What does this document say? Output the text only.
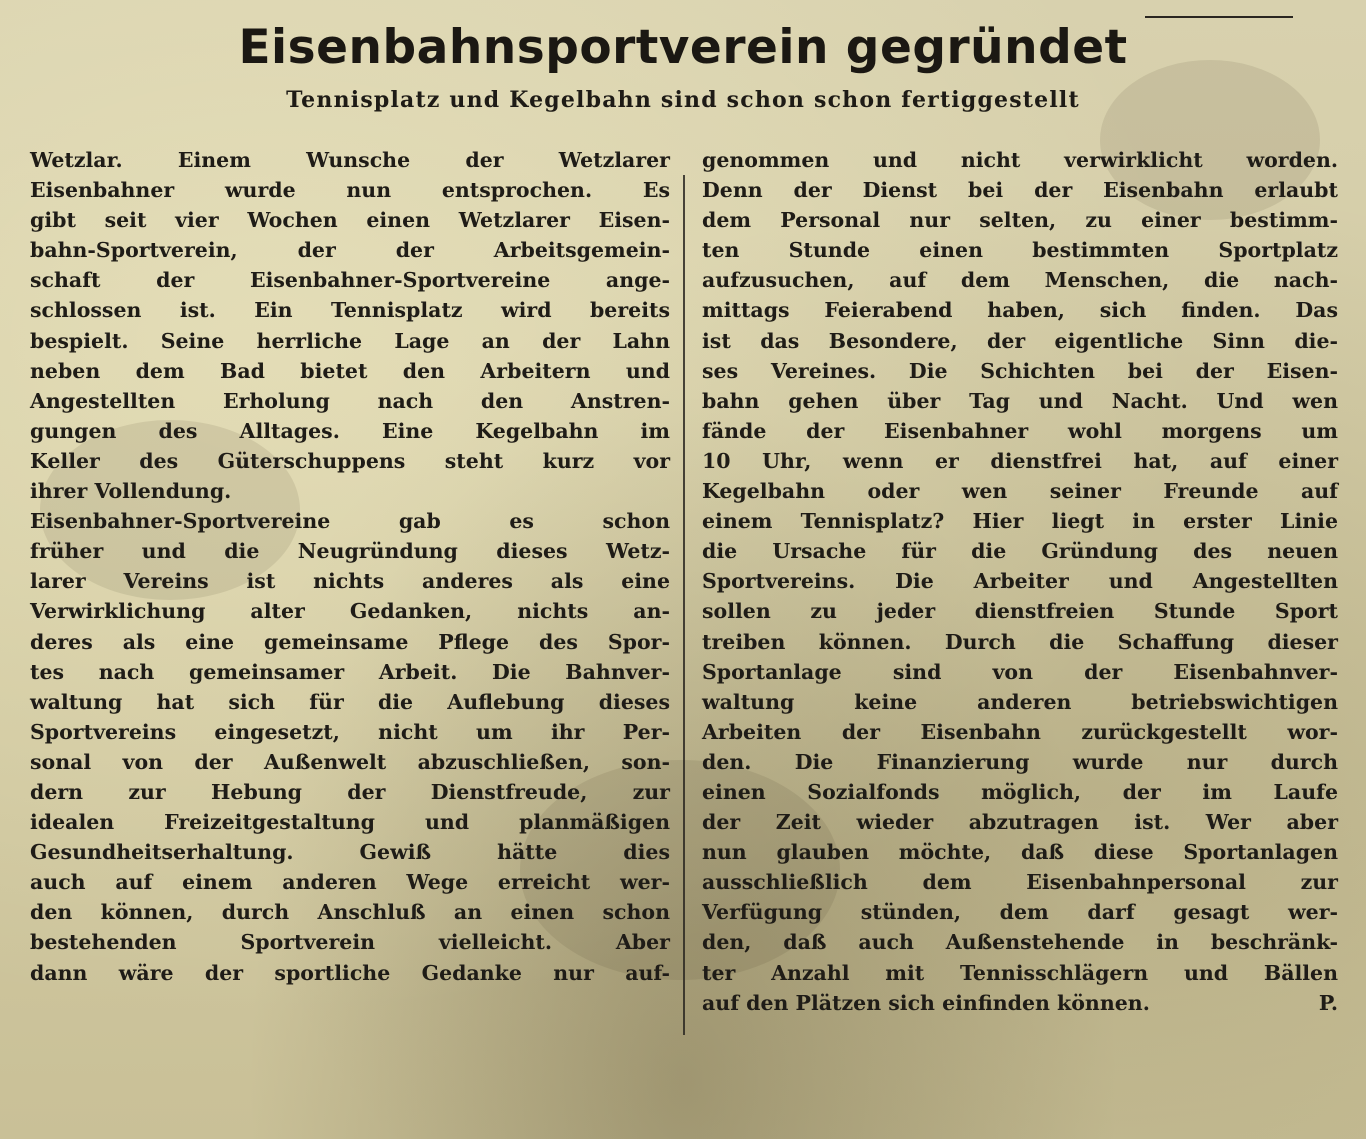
Eisenbahnsportverein gegründet
Tennisplatz und Kegelbahn sind schon schon fertiggestellt
Wetzlar. Einem Wunsche der Wetzlarer
Eisenbahner wurde nun entsprochen. Es
gibt seit vier Wochen einen Wetzlarer Eisen-
bahn-Sportverein, der der Arbeitsgemein-
schaft der Eisenbahner-Sportvereine ange-
schlossen ist. Ein Tennisplatz wird bereits
bespielt. Seine herrliche Lage an der Lahn
neben dem Bad bietet den Arbeitern und
Angestellten Erholung nach den Anstren-
gungen des Alltages. Eine Kegelbahn im
Keller des Güterschuppens steht kurz vor
ihrer Vollendung.
Eisenbahner-Sportvereine gab es schon
früher und die Neugründung dieses Wetz-
larer Vereins ist nichts anderes als eine
Verwirklichung alter Gedanken, nichts an-
deres als eine gemeinsame Pflege des Spor-
tes nach gemeinsamer Arbeit. Die Bahnver-
waltung hat sich für die Auflebung dieses
Sportvereins eingesetzt, nicht um ihr Per-
sonal von der Außenwelt abzuschließen, son-
dern zur Hebung der Dienstfreude, zur
idealen Freizeitgestaltung und planmäßigen
Gesundheitserhaltung. Gewiß hätte dies
auch auf einem anderen Wege erreicht wer-
den können, durch Anschluß an einen schon
bestehenden Sportverein vielleicht. Aber
dann wäre der sportliche Gedanke nur auf-
genommen und nicht verwirklicht worden.
Denn der Dienst bei der Eisenbahn erlaubt
dem Personal nur selten, zu einer bestimm-
ten Stunde einen bestimmten Sportplatz
aufzusuchen, auf dem Menschen, die nach-
mittags Feierabend haben, sich finden. Das
ist das Besondere, der eigentliche Sinn die-
ses Vereines. Die Schichten bei der Eisen-
bahn gehen über Tag und Nacht. Und wen
fände der Eisenbahner wohl morgens um
10 Uhr, wenn er dienstfrei hat, auf einer
Kegelbahn oder wen seiner Freunde auf
einem Tennisplatz? Hier liegt in erster Linie
die Ursache für die Gründung des neuen
Sportvereins. Die Arbeiter und Angestellten
sollen zu jeder dienstfreien Stunde Sport
treiben können. Durch die Schaffung dieser
Sportanlage sind von der Eisenbahnver-
waltung keine anderen betriebswichtigen
Arbeiten der Eisenbahn zurückgestellt wor-
den. Die Finanzierung wurde nur durch
einen Sozialfonds möglich, der im Laufe
der Zeit wieder abzutragen ist. Wer aber
nun glauben möchte, daß diese Sportanlagen
ausschließlich dem Eisenbahnpersonal zur
Verfügung stünden, dem darf gesagt wer-
den, daß auch Außenstehende in beschränk-
ter Anzahl mit Tennisschlägern und Bällen
auf den Plätzen sich einfinden können.	P.
